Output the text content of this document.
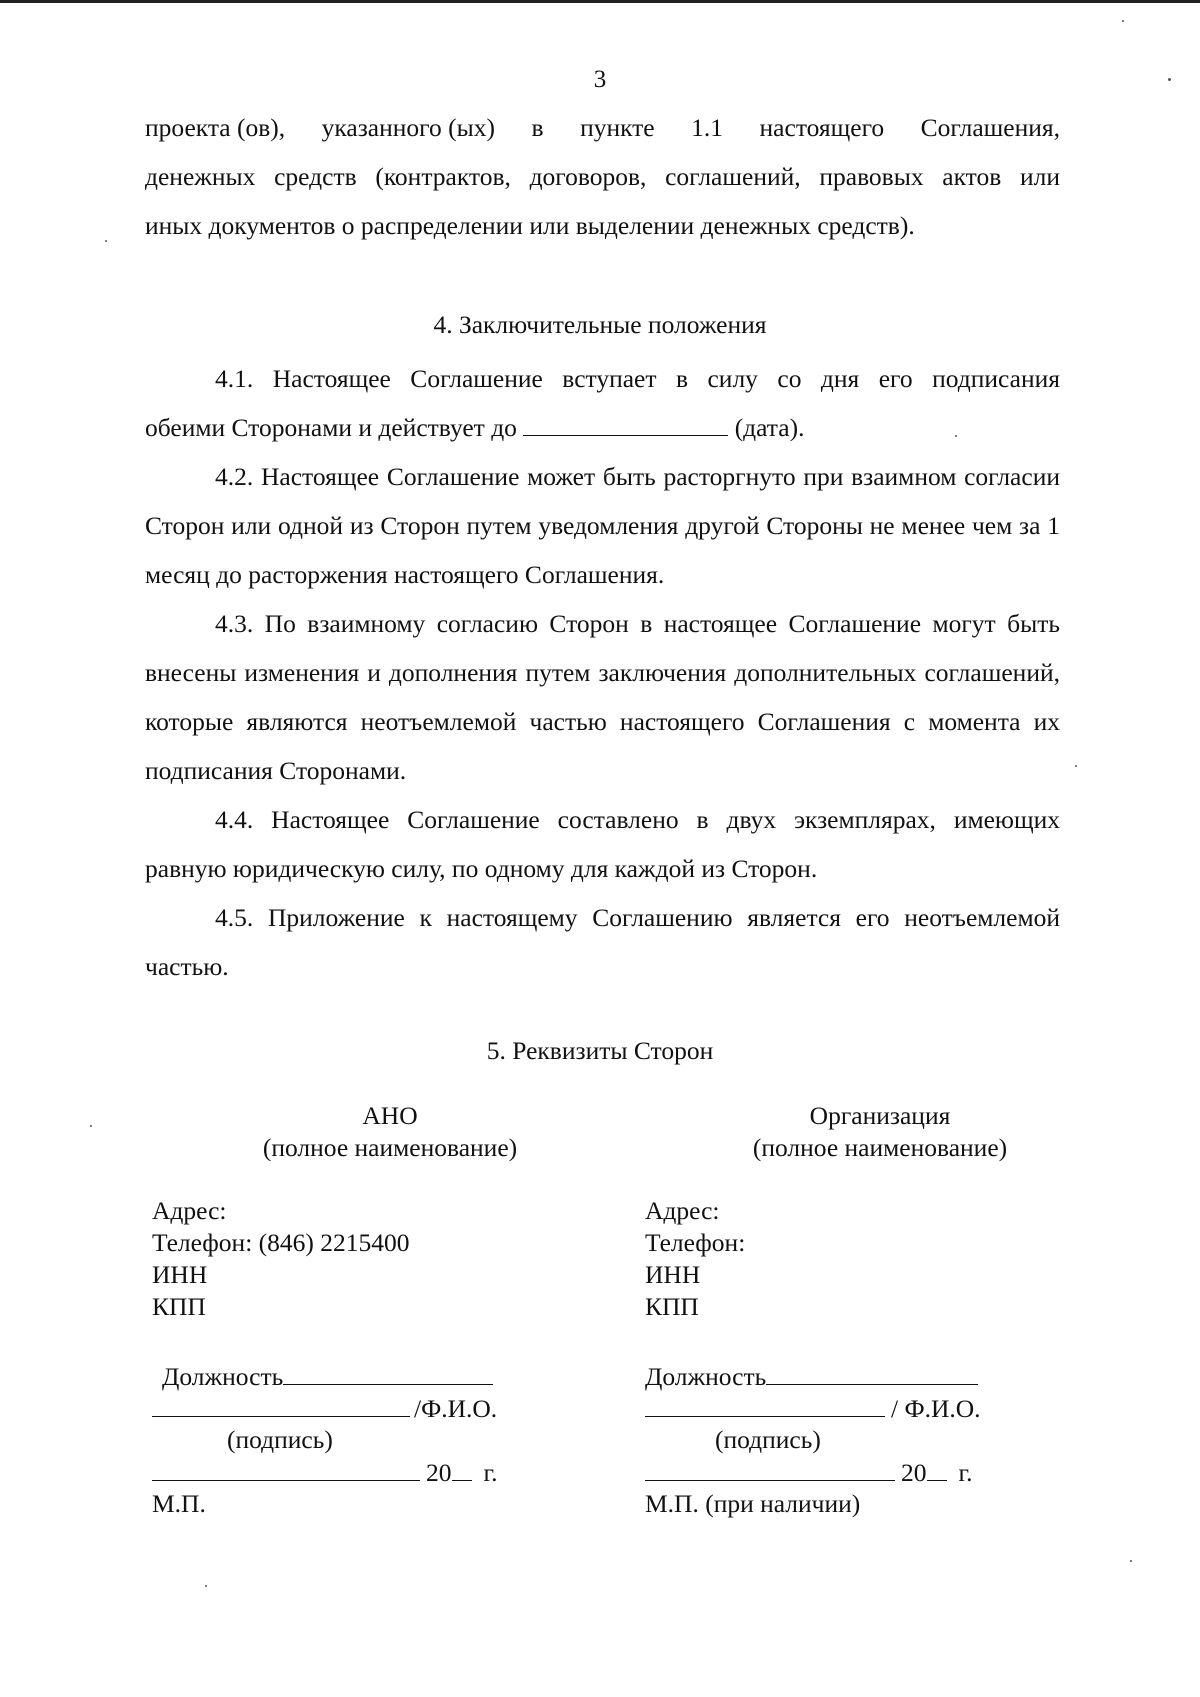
3
проекта (ов), указанного (ых) в пункте 1.1 настоящего Соглашения,
денежных средств (контрактов, договоров, соглашений, правовых актов или
иных документов о распределении или выделении денежных средств).
4. Заключительные положения
4.1. Настоящее Соглашение вступает в силу со дня его подписания
обеими Сторонами и действует до	(дата).

4.2. Настоящее Соглашение может быть расторгнуто при взаимном согласии Сторон или одной из Сторон путем уведомления другой Стороны не менее чем за 1 месяц до расторжения настоящего Соглашения.

4.3. По взаимному согласию Сторон в настоящее Соглашение могут быть внесены изменения и дополнения путем заключения дополнительных соглашений, которые являются неотъемлемой частью настоящего Соглашения с момента их подписания Сторонами.

4.4. Настоящее Соглашение составлено в двух экземплярах, имеющих равную юридическую силу, по одному для каждой из Сторон.

4.5. Приложение к настоящему Соглашению является его неотъемлемой частью.

5. Реквизиты Сторон
АНО
(полное наименование)
Адрес:
Телефон: (846) 2215400
ИНН
КПП
Должность
/Ф.И.О.
(подпись)
20 г.
М.П.
Организация
(полное наименование)
Адрес:
Телефон:
ИНН
КПП
Должность
/ Ф.И.О.
(подпись)
20 г.
М.П. (при наличии)
